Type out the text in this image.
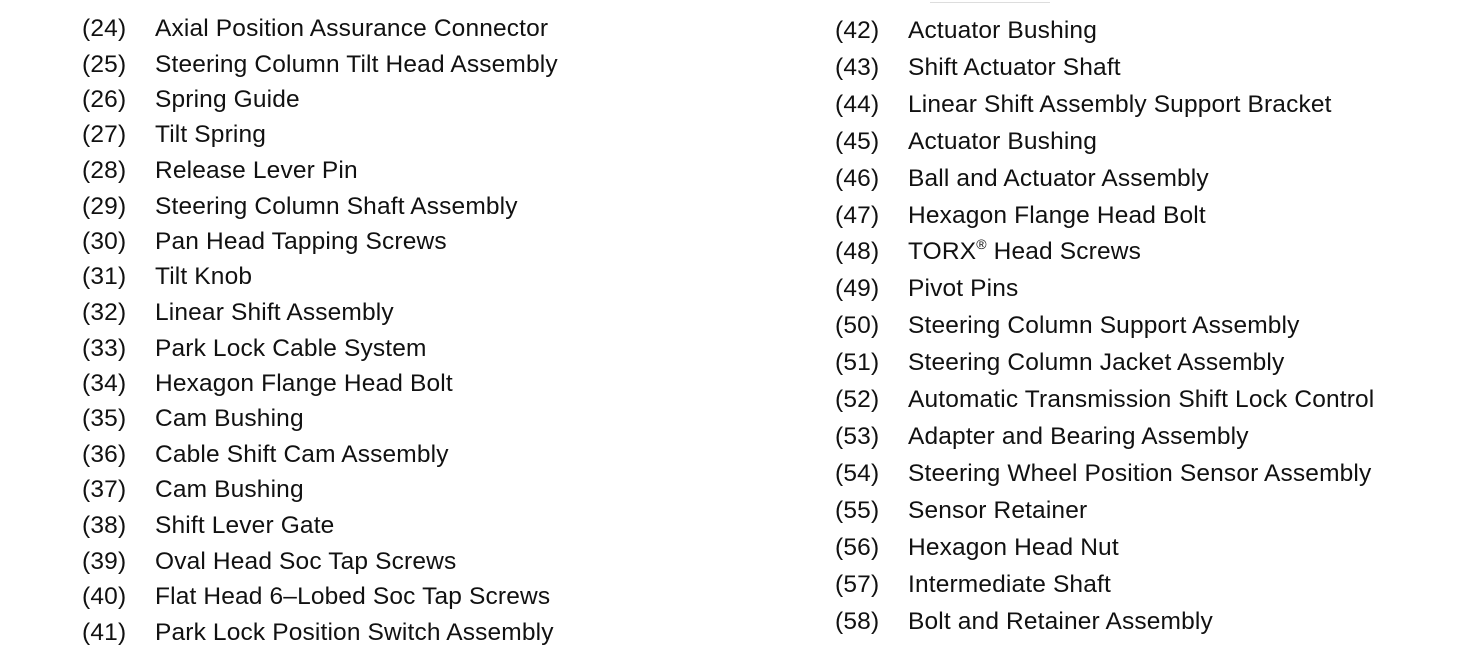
(24) Axial Position Assurance Connector
(25) Steering Column Tilt Head Assembly
(26) Spring Guide
(27) Tilt Spring
(28) Release Lever Pin
(29) Steering Column Shaft Assembly
(30) Pan Head Tapping Screws
(31) Tilt Knob
(32) Linear Shift Assembly
(33) Park Lock Cable System
(34) Hexagon Flange Head Bolt
(35) Cam Bushing
(36) Cable Shift Cam Assembly
(37) Cam Bushing
(38) Shift Lever Gate
(39) Oval Head Soc Tap Screws
(40) Flat Head 6–Lobed Soc Tap Screws
(41) Park Lock Position Switch Assembly
(42) Actuator Bushing
(43) Shift Actuator Shaft
(44) Linear Shift Assembly Support Bracket
(45) Actuator Bushing
(46) Ball and Actuator Assembly
(47) Hexagon Flange Head Bolt
(48) TORX® Head Screws
(49) Pivot Pins
(50) Steering Column Support Assembly
(51) Steering Column Jacket Assembly
(52) Automatic Transmission Shift Lock Control
(53) Adapter and Bearing Assembly
(54) Steering Wheel Position Sensor Assembly
(55) Sensor Retainer
(56) Hexagon Head Nut
(57) Intermediate Shaft
(58) Bolt and Retainer Assembly
